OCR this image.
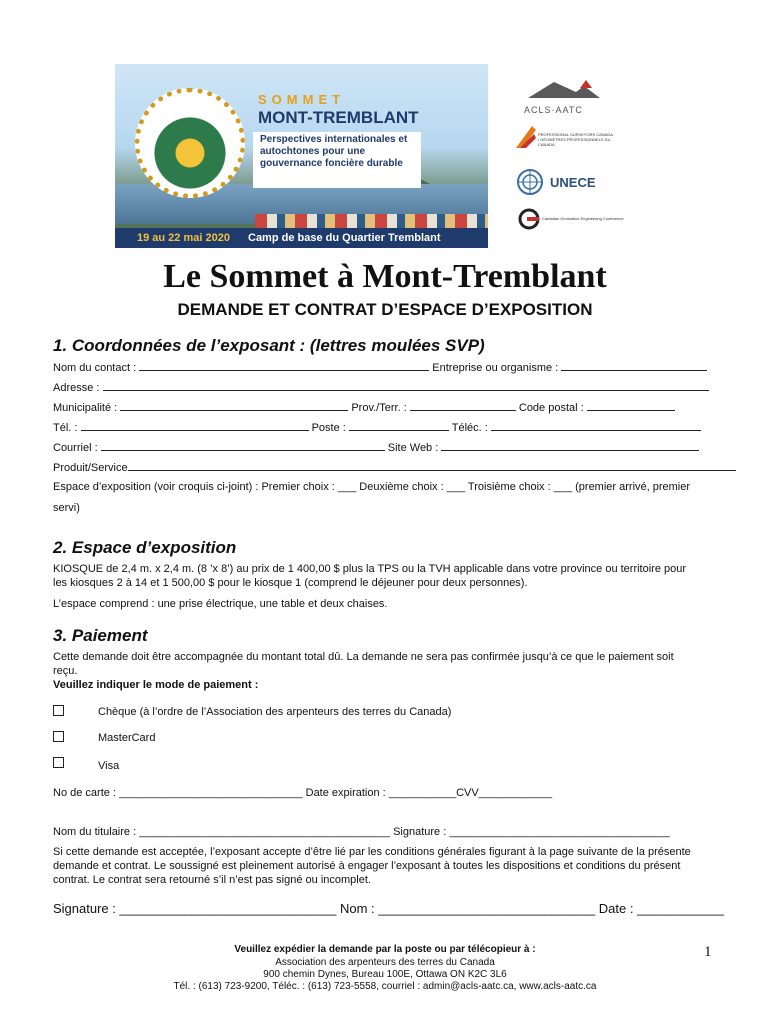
SOMMET
MONT-TREMBLANT
Perspectives internationales et autochtones pour une gouvernance foncière durable
19 au 22 mai 2020 Camp de base du Quartier Tremblant
ACLS·AATC
PROFESSIONAL SURVEYORS CANADA / GÉOMÈTRES PROFESSIONNELS DU CANADA
UNECE
Canadian Geomatics Engineering Conference
Le Sommet à Mont-Tremblant
DEMANDE ET CONTRAT D’ESPACE D’EXPOSITION
1. Coordonnées de l’exposant : (lettres moulées SVP)
Nom du contact :	Entreprise ou organisme :
Adresse :
Municipalité :	Prov./Terr. :	Code postal :
Tél. :	Poste :	Téléc. :
Courriel :	Site Web :
Produit/Service
Espace d’exposition (voir croquis ci-joint) : Premier choix : ___ Deuxième choix : ___ Troisième choix : ___ (premier arrivé, premier
servi)
2. Espace d’exposition
KIOSQUE de 2,4 m. x 2,4 m. (8 ’x 8’) au prix de 1 400,00 $ plus la TPS ou la TVH applicable dans votre province ou territoire pour
les kiosques 2 à 14 et 1 500,00 $ pour le kiosque 1 (comprend le déjeuner pour deux personnes).
L’espace comprend : une prise électrique, une table et deux chaises.
3. Paiement
Cette demande doit être accompagnée du montant total dû. La demande ne sera pas confirmée jusqu’à ce que le paiement soit
reçu.
Veuillez indiquer le mode de paiement :
Chèque (à l’ordre de l’Association des arpenteurs des terres du Canada)
MasterCard
Visa
No de carte : ______________________________ Date expiration : ___________CVV____________
Nom du titulaire : _________________________________________ Signature : ____________________________________
Si cette demande est acceptée, l’exposant accepte d’être lié par les conditions générales figurant à la page suivante de la présente
demande et contrat. Le soussigné est pleinement autorisé à engager l’exposant à toutes les dispositions et conditions du présent
contrat. Le contrat sera retourné s’il n’est pas signé ou incomplet.
Signature : ______________________________ Nom : ______________________________ Date : ____________
Veuillez expédier la demande par la poste ou par télécopieur à :
Association des arpenteurs des terres du Canada
900 chemin Dynes, Bureau 100E, Ottawa ON K2C 3L6
Tél. : (613) 723-9200, Téléc. : (613) 723-5558, courriel : admin@acls-aatc.ca, www.acls-aatc.ca
1
